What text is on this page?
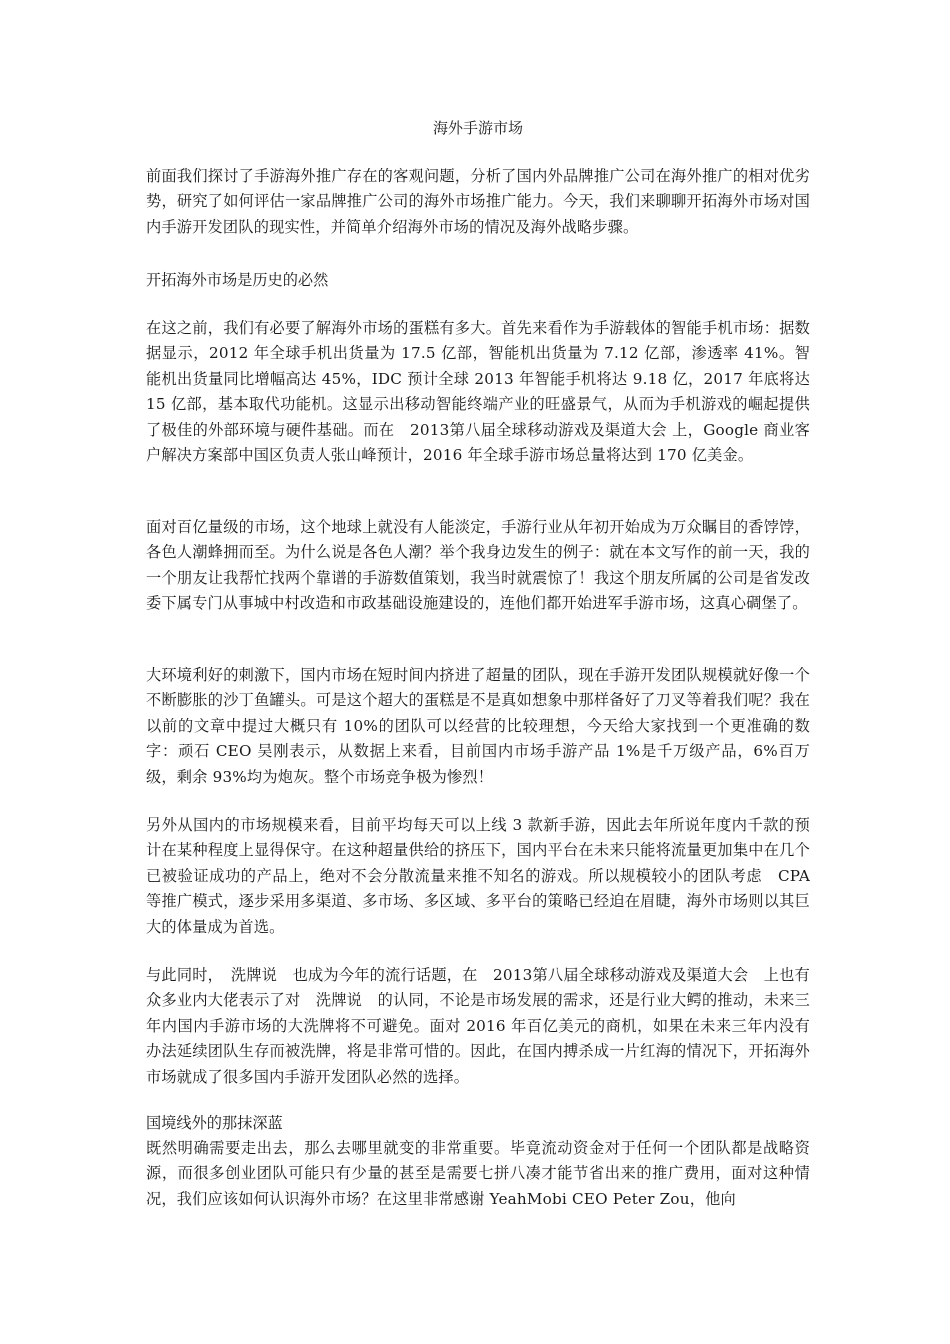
海外手游市场
前面我们探讨了手游海外推广存在的客观问题，分析了国内外品牌推广公司在海外推广的相对优劣势，研究了如何评估一家品牌推广公司的海外市场推广能力。今天，我们来聊聊开拓海外市场对国内手游开发团队的现实性，并简单介绍海外市场的情况及海外战略步骤。
开拓海外市场是历史的必然
在这之前，我们有必要了解海外市场的蛋糕有多大。首先来看作为手游载体的智能手机市场：据数据显示，2012 年全球手机出货量为 17.5 亿部，智能机出货量为 7.12 亿部，渗透率 41%。智能机出货量同比增幅高达 45%，IDC 预计全球 2013 年智能手机将达 9.18 亿，2017 年底将达 15 亿部，基本取代功能机。这显示出移动智能终端产业的旺盛景气，从而为手机游戏的崛起提供了极佳的外部环境与硬件基础。而在　2013第八届全球移动游戏及渠道大会 上，Google 商业客户解决方案部中国区负责人张山峰预计，2016 年全球手游市场总量将达到 170 亿美金。
面对百亿量级的市场，这个地球上就没有人能淡定，手游行业从年初开始成为万众瞩目的香饽饽，各色人潮蜂拥而至。为什么说是各色人潮？举个我身边发生的例子：就在本文写作的前一天，我的一个朋友让我帮忙找两个靠谱的手游数值策划，我当时就震惊了！我这个朋友所属的公司是省发改委下属专门从事城中村改造和市政基础设施建设的，连他们都开始进军手游市场，这真心碉堡了。
大环境利好的刺激下，国内市场在短时间内挤进了超量的团队，现在手游开发团队规模就好像一个不断膨胀的沙丁鱼罐头。可是这个超大的蛋糕是不是真如想象中那样备好了刀叉等着我们呢？我在以前的文章中提过大概只有 10%的团队可以经营的比较理想，今天给大家找到一个更准确的数字：顽石 CEO 吴刚表示，从数据上来看，目前国内市场手游产品 1%是千万级产品，6%百万级，剩余 93%均为炮灰。整个市场竞争极为惨烈！
另外从国内的市场规模来看，目前平均每天可以上线 3 款新手游，因此去年所说年度内千款的预计在某种程度上显得保守。在这种超量供给的挤压下，国内平台在未来只能将流量更加集中在几个已被验证成功的产品上，绝对不会分散流量来推不知名的游戏。所以规模较小的团队考虑　CPA　等推广模式，逐步采用多渠道、多市场、多区域、多平台的策略已经迫在眉睫，海外市场则以其巨大的体量成为首选。
与此同时，　洗牌说　也成为今年的流行话题，在　2013第八届全球移动游戏及渠道大会　上也有众多业内大佬表示了对　洗牌说　的认同，不论是市场发展的需求，还是行业大鳄的推动，未来三年内国内手游市场的大洗牌将不可避免。面对 2016 年百亿美元的商机，如果在未来三年内没有办法延续团队生存而被洗牌，将是非常可惜的。因此，在国内搏杀成一片红海的情况下，开拓海外市场就成了很多国内手游开发团队必然的选择。
国境线外的那抹深蓝
既然明确需要走出去，那么去哪里就变的非常重要。毕竟流动资金对于任何一个团队都是战略资源，而很多创业团队可能只有少量的甚至是需要七拼八凑才能节省出来的推广费用，面对这种情况，我们应该如何认识海外市场？在这里非常感谢 YeahMobi CEO Peter Zou，他向
